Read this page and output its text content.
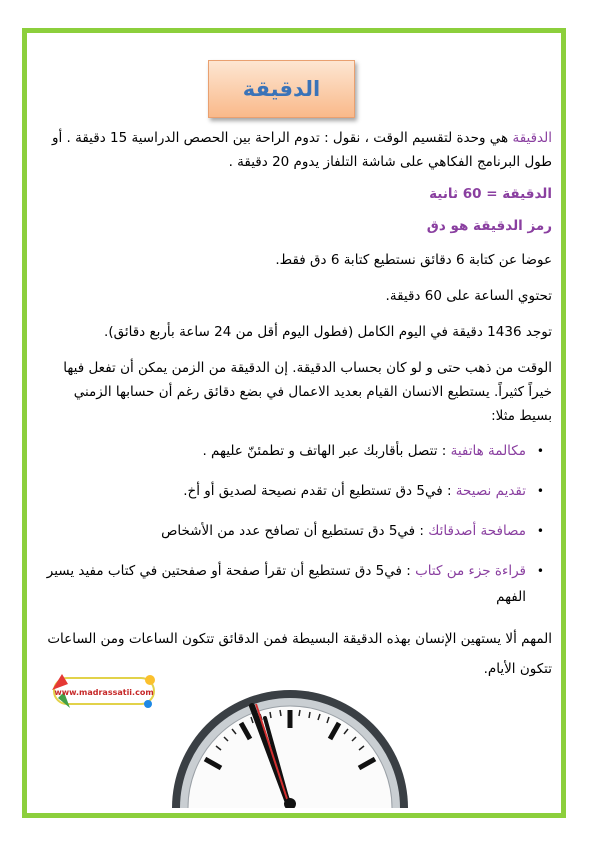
الدقيقة

الدقيقة هي وحدة لتقسيم الوقت ، نقول : تدوم الراحة بين الحصص الدراسية 15 دقيقة . أو طول البرنامج الفكاهي على شاشة التلفاز يدوم 20 دقيقة .

الدقيقة = 60 ثانية

رمز الدقيقة هو دق

عوضا عن كتابة 6 دقائق نستطيع كتابة 6 دق فقط.

تحتوي الساعة على 60 دقيقة.

توجد 1436 دقيقة في اليوم الكامل (فطول اليوم أقل من 24 ساعة بأربع دقائق).

الوقت من ذهب حتى و لو كان بحساب الدقيقة. إن الدقيقة من الزمن يمكن أن تفعل فيها خيراً كثيراً. يستطيع الانسان القيام بعديد الاعمال في بضع دقائق رغم أن حسابها الزمني بسيط مثلا:

• مكالمة هاتفية : تتصل بأقاربك عبر الهاتف و تطمئنّ عليهم .
• تقديم نصيحة : في5 دق تستطيع أن تقدم نصيحة لصديق أو أخ.
• مصافحة أصدقائك : في5 دق تستطيع أن تصافح عدد من الأشخاص
• قراءة جزء من كتاب : في5 دق تستطيع أن تقرأ صفحة أو صفحتين في كتاب مفيد يسير الفهم

المهم ألا يستهين الإنسان بهذه الدقيقة البسيطة فمن الدقائق تتكون الساعات ومن الساعات تتكون الأيام.

www.madrassatii.com
